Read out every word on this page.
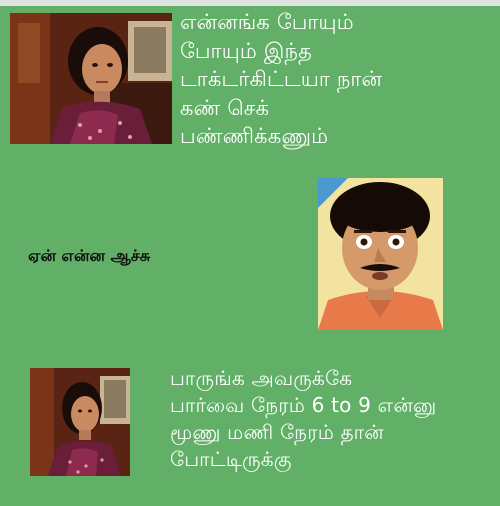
என்னங்க போயும்
போயும் இந்த
டாக்டர்கிட்டயா நான்
கண் செக்
பண்ணிக்கணும்
ஏன் என்ன ஆச்சு
பாருங்க அவருக்கே
பார்வை நேரம் 6 to 9 என்னு
மூணு மணி நேரம் தான்
போட்டிருக்கு
